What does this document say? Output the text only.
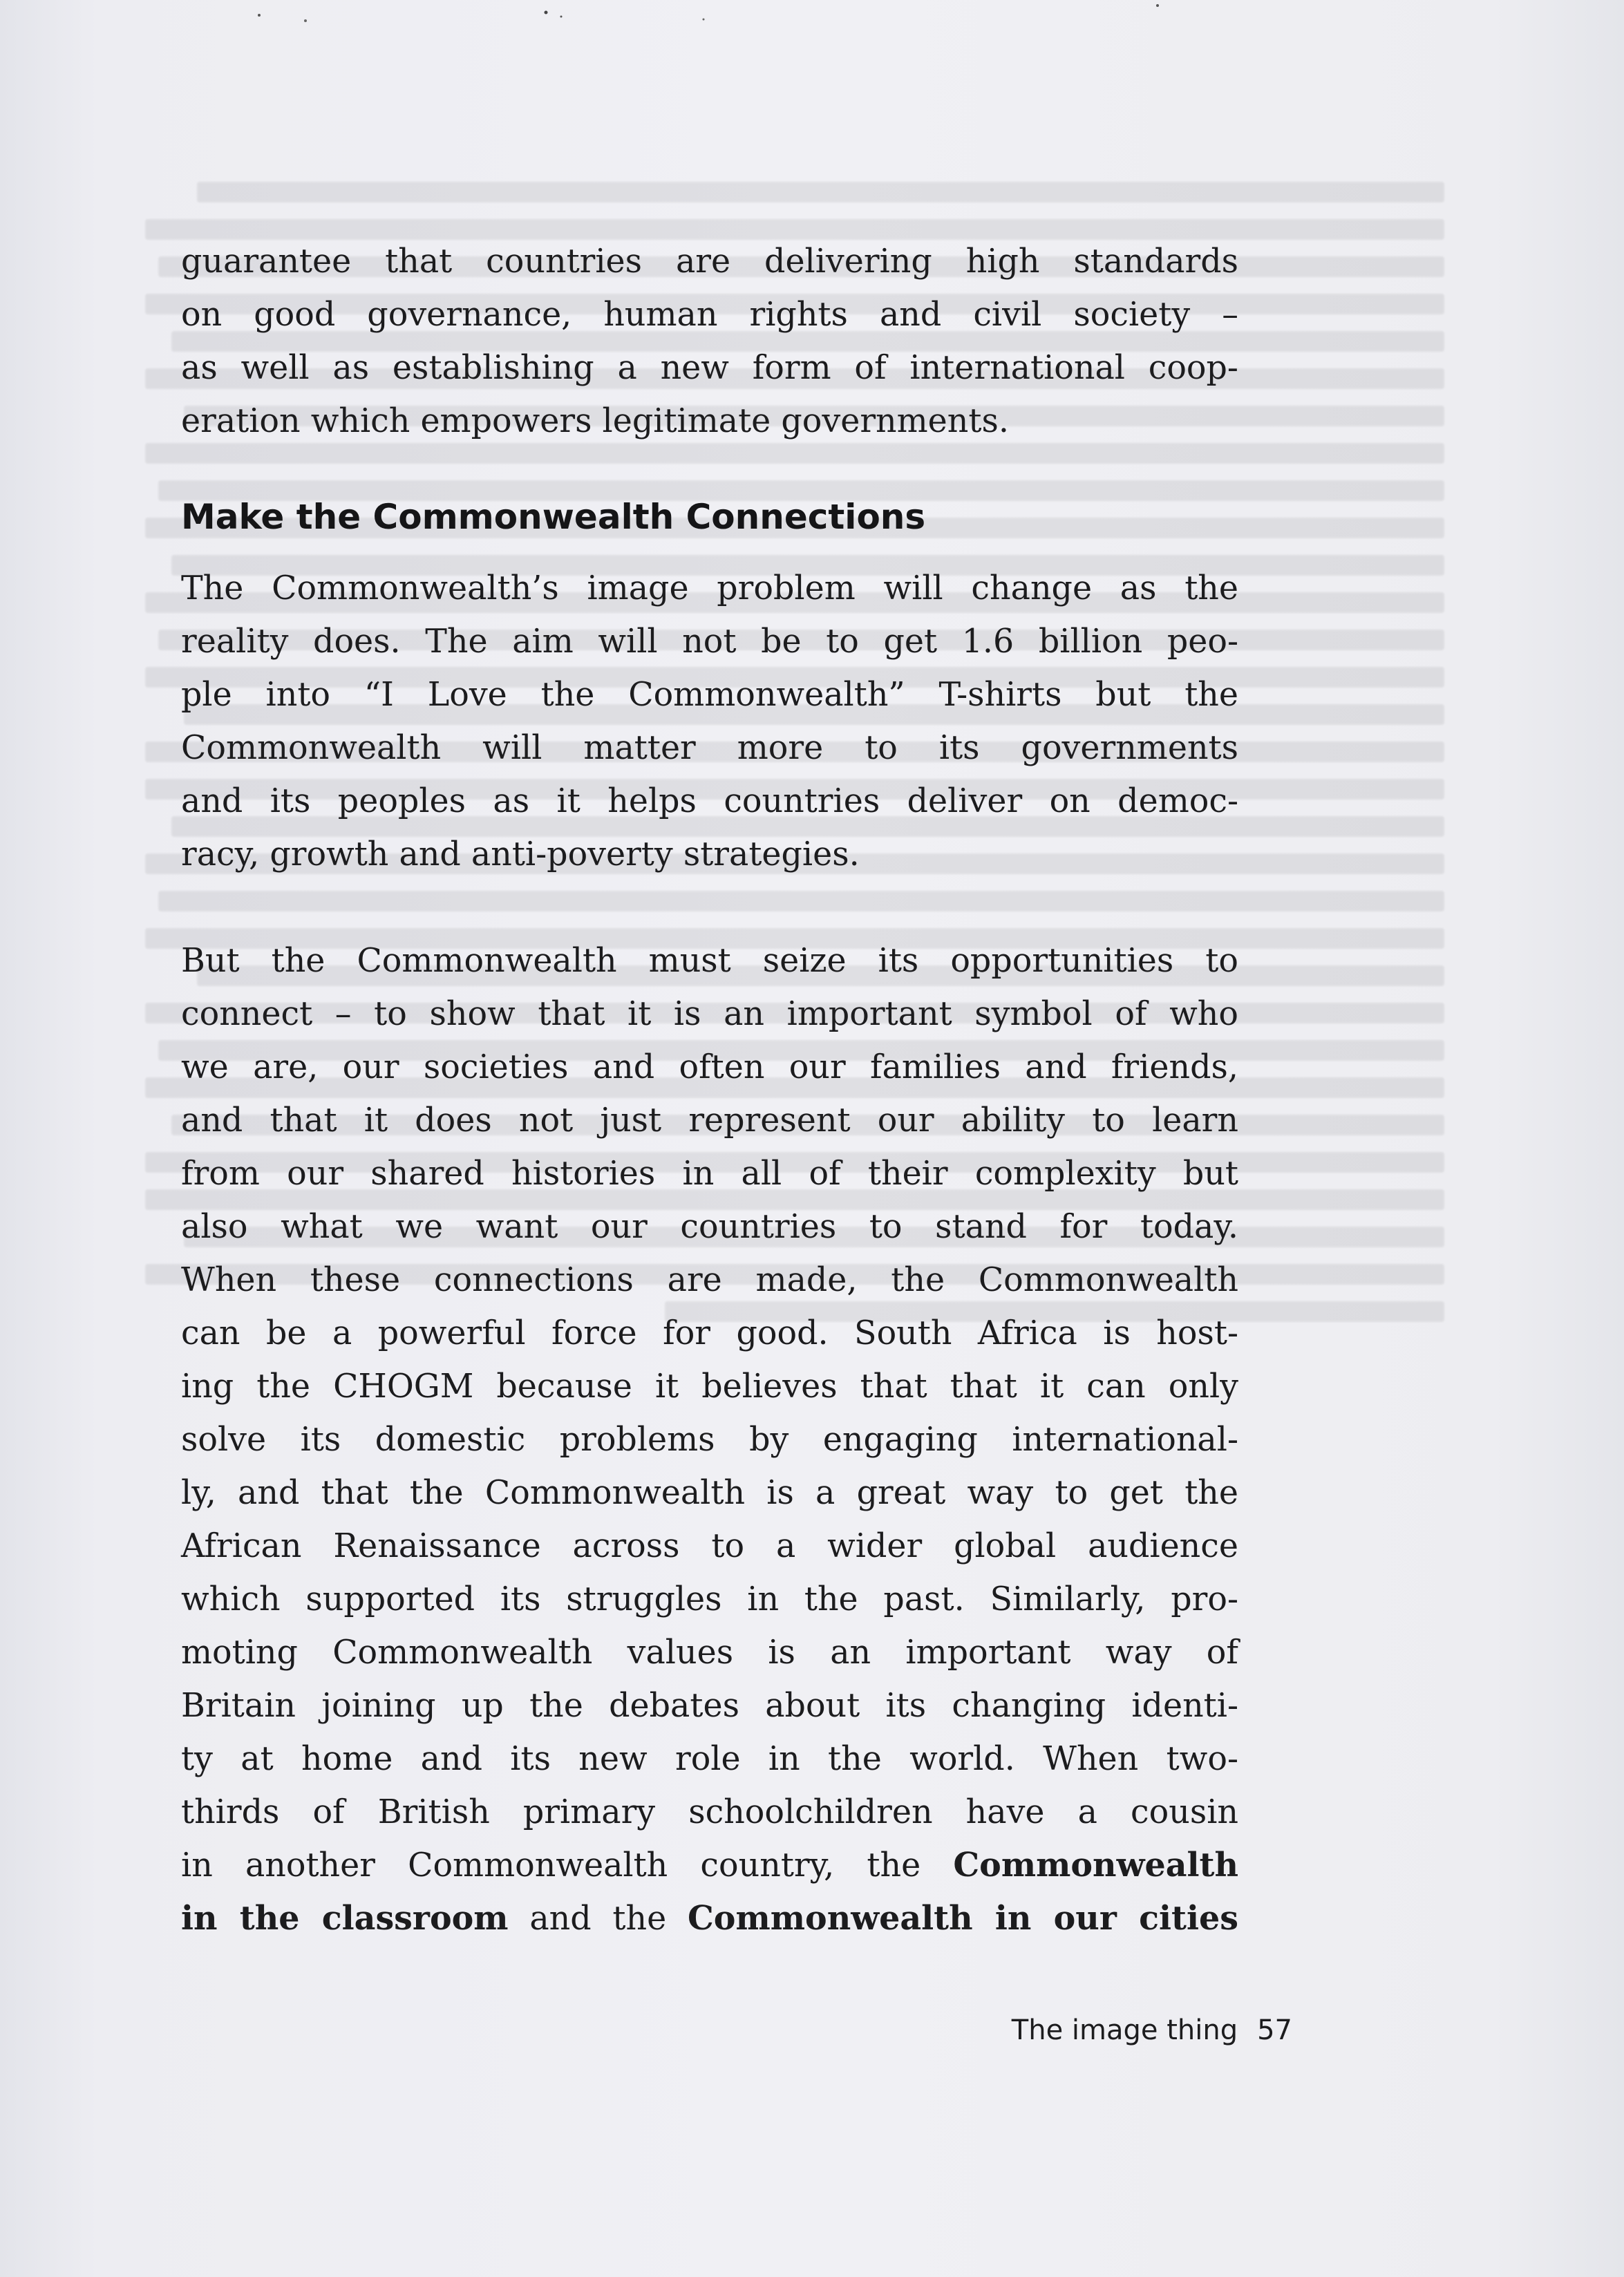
guarantee that countries are delivering high standards
on good governance, human rights and civil society –
as well as establishing a new form of international coop-
eration which empowers legitimate governments.
Make the Commonwealth Connections
The Commonwealth’s image problem will change as the
reality does. The aim will not be to get 1.6 billion peo-
ple into “I Love the Commonwealth” T-shirts but the
Commonwealth will matter more to its governments
and its peoples as it helps countries deliver on democ-
racy, growth and anti-poverty strategies.
But the Commonwealth must seize its opportunities to
connect – to show that it is an important symbol of who
we are, our societies and often our families and friends,
and that it does not just represent our ability to learn
from our shared histories in all of their complexity but
also what we want our countries to stand for today.
When these connections are made, the Commonwealth
can be a powerful force for good. South Africa is host-
ing the CHOGM because it believes that that it can only
solve its domestic problems by engaging international-
ly, and that the Commonwealth is a great way to get the
African Renaissance across to a wider global audience
which supported its struggles in the past. Similarly, pro-
moting Commonwealth values is an important way of
Britain joining up the debates about its changing identi-
ty at home and its new role in the world. When two-
thirds of British primary schoolchildren have a cousin
in another Commonwealth country, the Commonwealth
in the classroom and the Commonwealth in our cities
The image thing 57
